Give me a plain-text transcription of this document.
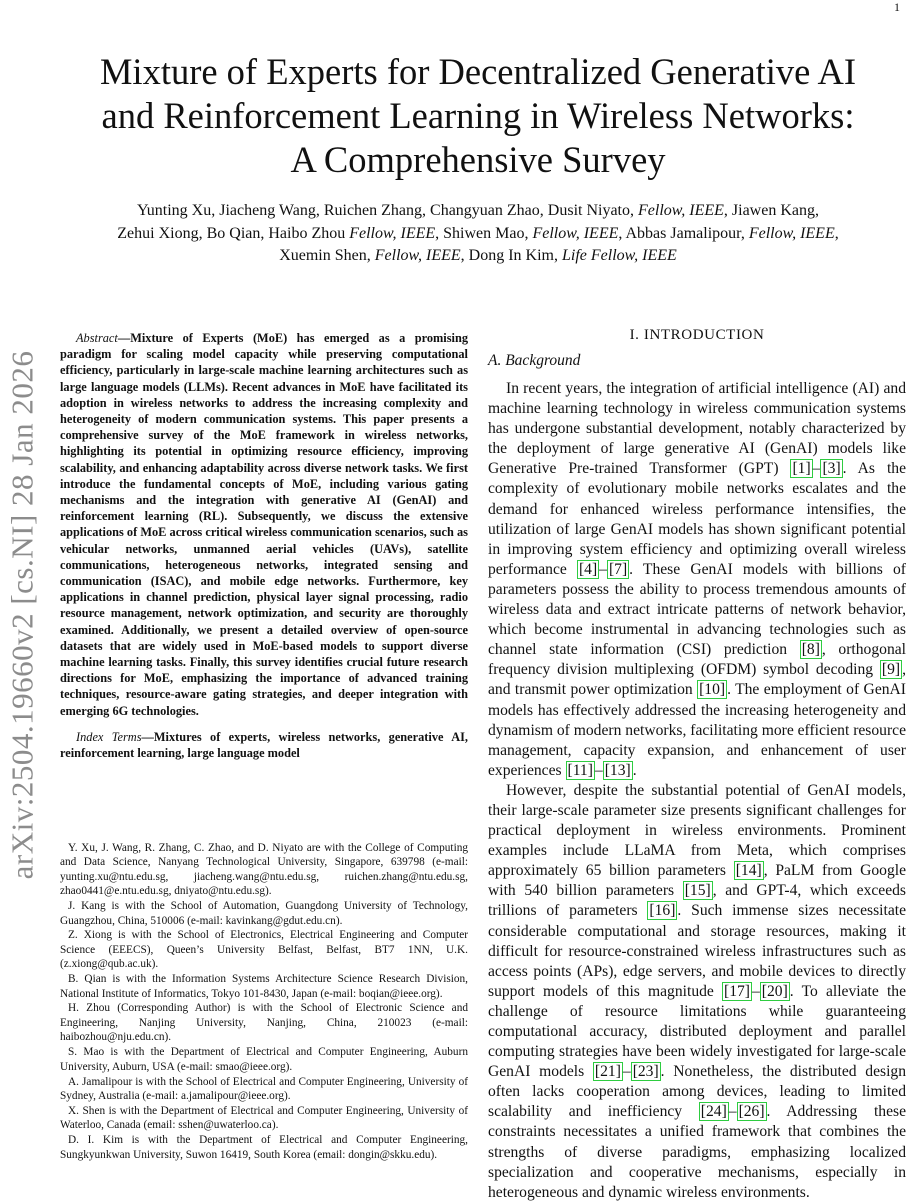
1
arXiv:2504.19660v2 [cs.NI] 28 Jan 2026
Mixture of Experts for Decentralized Generative AI
and Reinforcement Learning in Wireless Networks:
A Comprehensive Survey
Yunting Xu, Jiacheng Wang, Ruichen Zhang, Changyuan Zhao, Dusit Niyato, Fellow, IEEE, Jiawen Kang,
Zehui Xiong, Bo Qian, Haibo Zhou Fellow, IEEE, Shiwen Mao, Fellow, IEEE, Abbas Jamalipour, Fellow, IEEE,
Xuemin Shen, Fellow, IEEE, Dong In Kim, Life Fellow, IEEE

Abstract—Mixture of Experts (MoE) has emerged as a promising paradigm for scaling model capacity while preserving computational efficiency, particularly in large-scale machine learning architectures such as large language models (LLMs). Recent advances in MoE have facilitated its adoption in wireless networks to address the increasing complexity and heterogeneity of modern communication systems. This paper presents a comprehensive survey of the MoE framework in wireless networks, highlighting its potential in optimizing resource efficiency, improving scalability, and enhancing adaptability across diverse network tasks. We first introduce the fundamental concepts of MoE, including various gating mechanisms and the integration with generative AI (GenAI) and reinforcement learning (RL). Subsequently, we discuss the extensive applications of MoE across critical wireless communication scenarios, such as vehicular networks, unmanned aerial vehicles (UAVs), satellite communications, heterogeneous networks, integrated sensing and communication (ISAC), and mobile edge networks. Furthermore, key applications in channel prediction, physical layer signal processing, radio resource management, network optimization, and security are thoroughly examined. Additionally, we present a detailed overview of open-source datasets that are widely used in MoE-based models to support diverse machine learning tasks. Finally, this survey identifies crucial future research directions for MoE, emphasizing the importance of advanced training techniques, resource-aware gating strategies, and deeper integration with emerging 6G technologies.

Index Terms—Mixtures of experts, wireless networks, generative AI, reinforcement learning, large language model

Y. Xu, J. Wang, R. Zhang, C. Zhao, and D. Niyato are with the College of Computing and Data Science, Nanyang Technological University, Singapore, 639798 (e-mail: yunting.xu@ntu.edu.sg, jiacheng.wang@ntu.edu.sg, ruichen.zhang@ntu.edu.sg, zhao0441@e.ntu.edu.sg, dniyato@ntu.edu.sg).

J. Kang is with the School of Automation, Guangdong University of Technology, Guangzhou, China, 510006 (e-mail: kavinkang@gdut.edu.cn).

Z. Xiong is with the School of Electronics, Electrical Engineering and Computer Science (EEECS), Queen’s University Belfast, Belfast, BT7 1NN, U.K. (z.xiong@qub.ac.uk).

B. Qian is with the Information Systems Architecture Science Research Division, National Institute of Informatics, Tokyo 101-8430, Japan (e-mail: boqian@ieee.org).

H. Zhou (Corresponding Author) is with the School of Electronic Science and Engineering, Nanjing University, Nanjing, China, 210023 (e-mail: haibozhou@nju.edu.cn).

S. Mao is with the Department of Electrical and Computer Engineering, Auburn University, Auburn, USA (e-mail: smao@ieee.org).

A. Jamalipour is with the School of Electrical and Computer Engineering, University of Sydney, Australia (e-mail: a.jamalipour@ieee.org).

X. Shen is with the Department of Electrical and Computer Engineering, University of Waterloo, Canada (email: sshen@uwaterloo.ca).

D. I. Kim is with the Department of Electrical and Computer Engineering, Sungkyunkwan University, Suwon 16419, South Korea (email: dongin@skku.edu).

I. INTRODUCTION
A. Background

In recent years, the integration of artificial intelligence (AI) and machine learning technology in wireless communication systems has undergone substantial development, notably characterized by the deployment of large generative AI (GenAI) models like Generative Pre-trained Transformer (GPT) [1] – [3] . As the complexity of evolutionary mobile networks escalates and the demand for enhanced wireless performance intensifies, the utilization of large GenAI models has shown significant potential in improving system efficiency and optimizing overall wireless performance [4] – [7] . These GenAI models with billions of parameters possess the ability to process tremendous amounts of wireless data and extract intricate patterns of network behavior, which become instrumental in advancing technologies such as channel state information (CSI) prediction [8] , orthogonal frequency division multiplexing (OFDM) symbol decoding [9] , and transmit power optimization [10] . The employment of GenAI models has effectively addressed the increasing heterogeneity and dynamism of modern networks, facilitating more efficient resource management, capacity expansion, and enhancement of user experiences [11] – [13] .

However, despite the substantial potential of GenAI models, their large-scale parameter size presents significant challenges for practical deployment in wireless environments. Prominent examples include LLaMA from Meta, which comprises approximately 65 billion parameters [14] , PaLM from Google with 540 billion parameters [15] , and GPT-4, which exceeds trillions of parameters [16] . Such immense sizes necessitate considerable computational and storage resources, making it difficult for resource-constrained wireless infrastructures such as access points (APs), edge servers, and mobile devices to directly support models of this magnitude [17] – [20] . To alleviate the challenge of resource limitations while guaranteeing computational accuracy, distributed deployment and parallel computing strategies have been widely investigated for large-scale GenAI models [21] – [23] . Nonetheless, the distributed design often lacks cooperation among devices, leading to limited scalability and inefficiency [24] – [26] . Addressing these constraints necessitates a unified framework that combines the strengths of diverse paradigms, emphasizing localized specialization and cooperative mechanisms, especially in heterogeneous and dynamic wireless environments.
